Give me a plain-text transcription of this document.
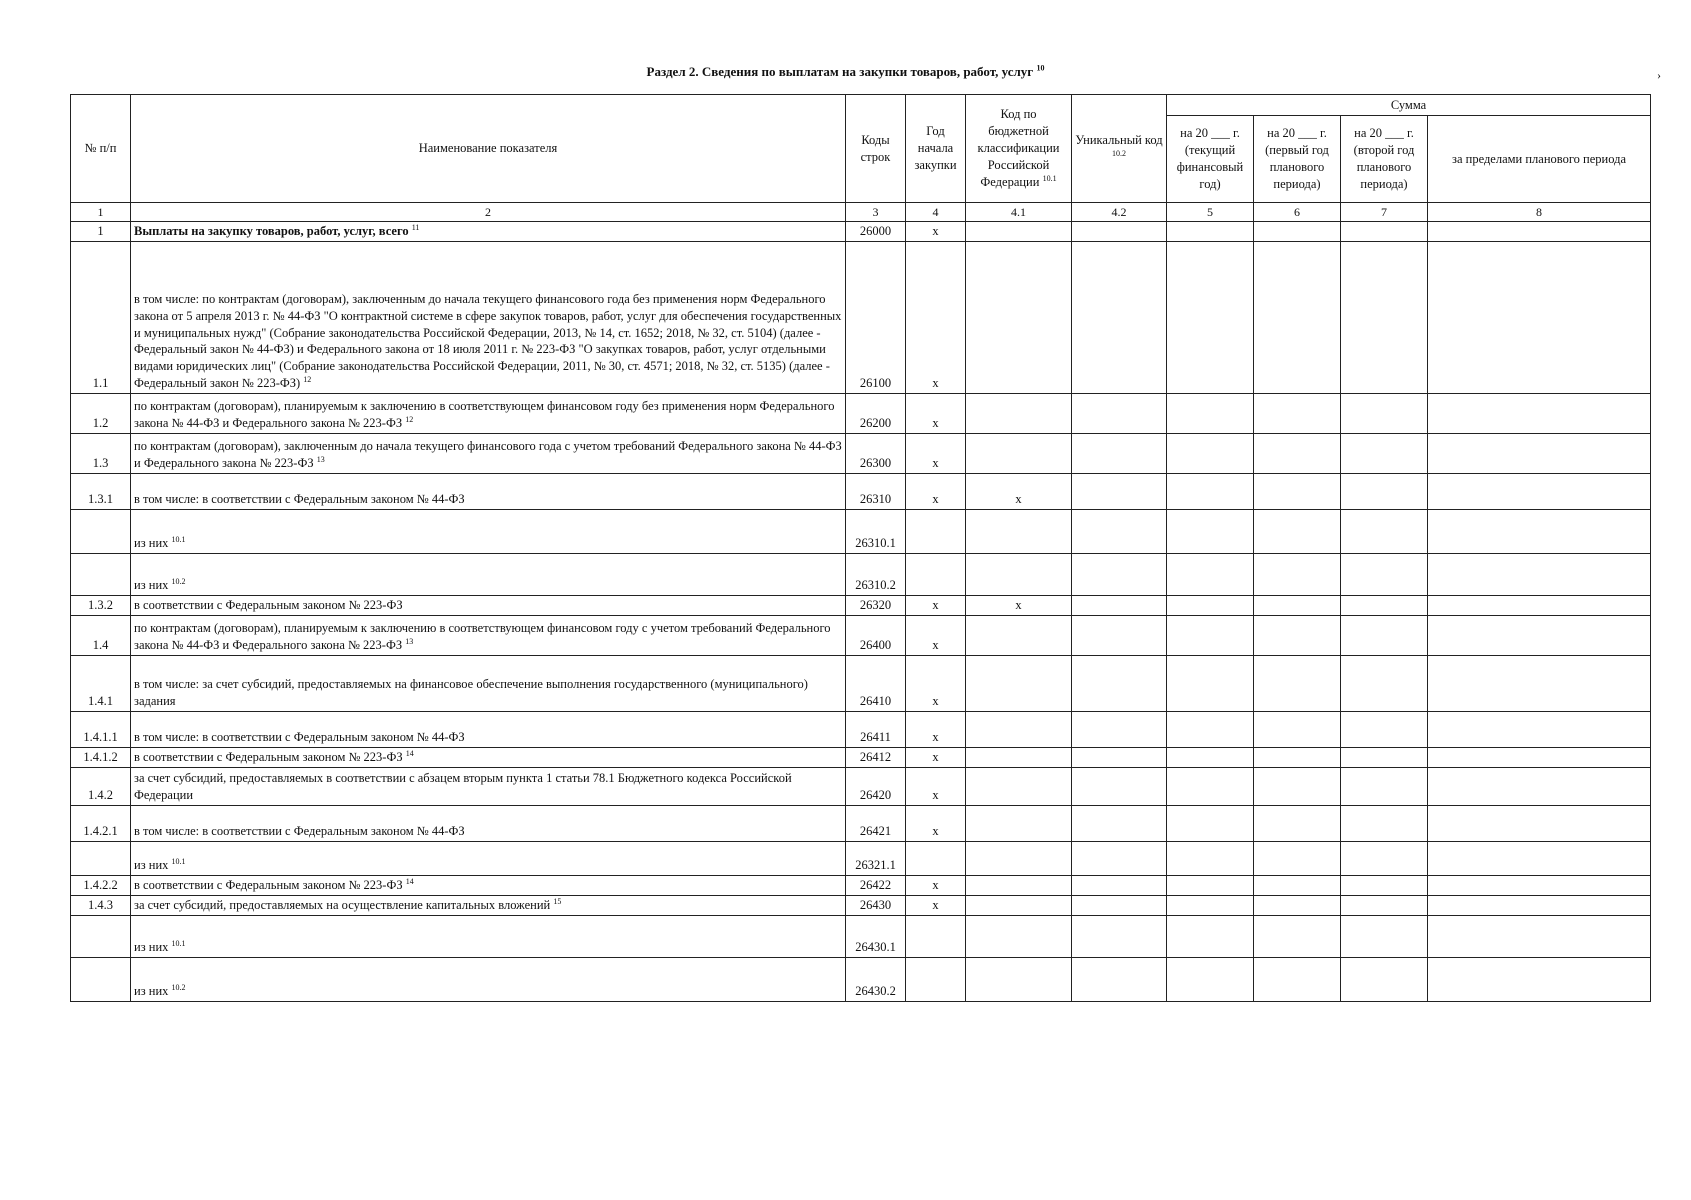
Раздел 2. Сведения по выплатам на закупки товаров, работ, услуг $^{10}$	›
№ п/п	Наименование показателя	Коды строк	Год начала закупки	Код по бюджетной классификации Российской Федерации $^{10.1}$	Уникальный код $^{10.2}$	Сумма			
						на 20 ___ г. (текущий финансовый год)	на 20 ___ г. (первый год планового периода)	на 20 ___ г. (второй год планового периода)	за пределами планового периода
1	2	3	4	4.1	4.2	5	6	7	8
1	Выплаты на закупку товаров, работ, услуг, всего $^{11}$	26000	x						
1.1	в том числе: по контрактам (договорам), заключенным до начала текущего финансового года без применения норм Федерального закона от 5 апреля 2013 г. № 44-ФЗ "О контрактной системе в сфере закупок товаров, работ, услуг для обеспечения государственных и муниципальных нужд" (Собрание законодательства Российской Федерации, 2013, № 14, ст. 1652; 2018, № 32, ст. 5104) (далее - Федеральный закон № 44-ФЗ) и Федерального закона от 18 июля 2011 г. № 223-ФЗ "О закупках товаров, работ, услуг отдельными видами юридических лиц" (Собрание законодательства Российской Федерации, 2011, № 30, ст. 4571; 2018, № 32, ст. 5135) (далее - Федеральный закон № 223-ФЗ) $^{12}$	26100	x						
1.2	по контрактам (договорам), планируемым к заключению в соответствующем финансовом году без применения норм Федерального закона № 44-ФЗ и Федерального закона № 223-ФЗ $^{12}$	26200	x						
1.3	по контрактам (договорам), заключенным до начала текущего финансового года с учетом требований Федерального закона № 44-ФЗ и Федерального закона № 223-ФЗ $^{13}$	26300	x						
1.3.1	в том числе: в соответствии с Федеральным законом № 44-ФЗ	26310	x	x					
	из них $^{10.1}$	26310.1							
	из них $^{10.2}$	26310.2							
1.3.2	в соответствии с Федеральным законом № 223-ФЗ	26320	x	x					
1.4	по контрактам (договорам), планируемым к заключению в соответствующем финансовом году с учетом требований Федерального закона № 44-ФЗ и Федерального закона № 223-ФЗ $^{13}$	26400	x						
1.4.1	в том числе: за счет субсидий, предоставляемых на финансовое обеспечение выполнения государственного (муниципального) задания	26410	x						
1.4.1.1	в том числе: в соответствии с Федеральным законом № 44-ФЗ	26411	x						
1.4.1.2	в соответствии с Федеральным законом № 223-ФЗ $^{14}$	26412	x						
1.4.2	за счет субсидий, предоставляемых в соответствии с абзацем вторым пункта 1 статьи 78.1 Бюджетного кодекса Российской Федерации	26420	x						
1.4.2.1	в том числе: в соответствии с Федеральным законом № 44-ФЗ	26421	x						
	из них $^{10.1}$	26321.1							
1.4.2.2	в соответствии с Федеральным законом № 223-ФЗ $^{14}$	26422	x						
1.4.3	за счет субсидий, предоставляемых на осуществление капитальных вложений $^{15}$	26430	x						
	из них $^{10.1}$	26430.1							
	из них $^{10.2}$	26430.2							
